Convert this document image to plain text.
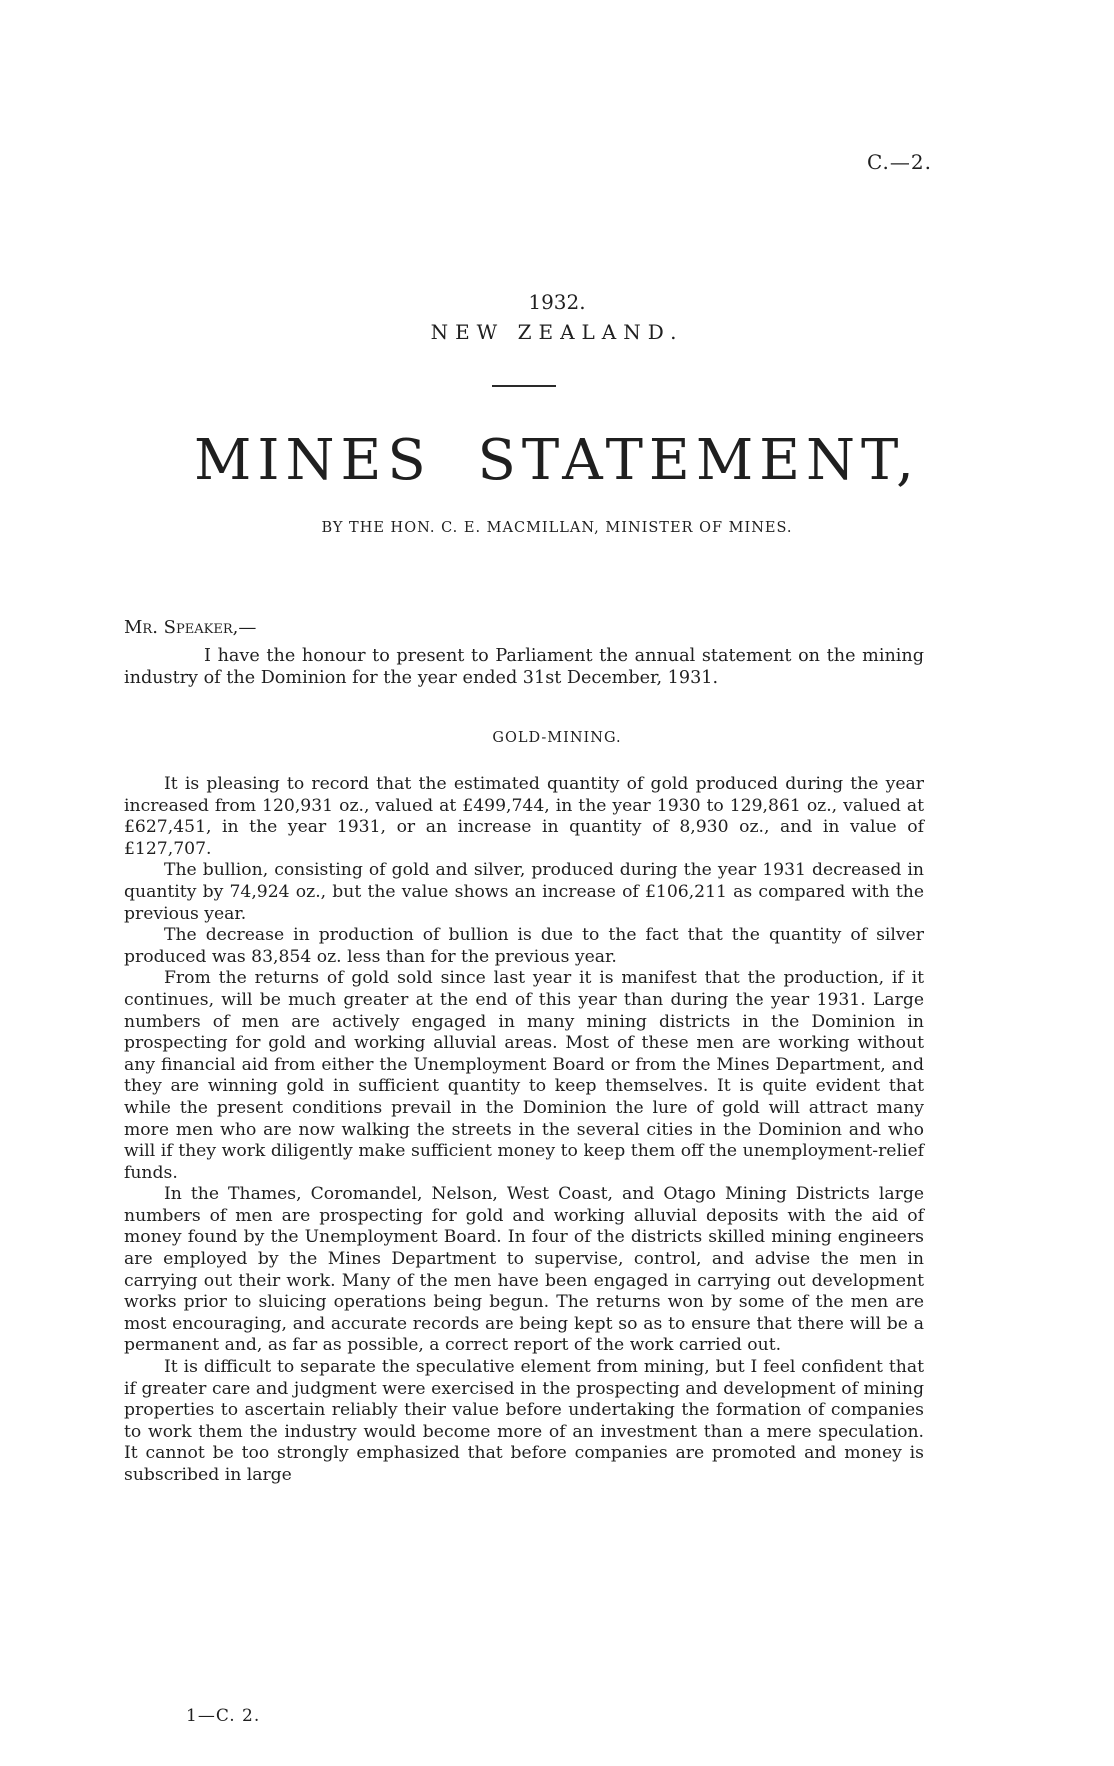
C.—2.
1932.
NEW ZEALAND.
MINES STATEMENT,
BY THE HON. C. E. MACMILLAN, MINISTER OF MINES.
Mr. Speaker,—

I have the honour to present to Parliament the annual statement on the mining industry of the Dominion for the year ended 31st December, 1931.

GOLD-MINING.

It is pleasing to record that the estimated quantity of gold produced during the year increased from 120,931 oz., valued at £499,744, in the year 1930 to 129,861 oz., valued at £627,451, in the year 1931, or an increase in quantity of 8,930 oz., and in value of £127,707.

The bullion, consisting of gold and silver, produced during the year 1931 decreased in quantity by 74,924 oz., but the value shows an increase of £106,211 as compared with the previous year.

The decrease in production of bullion is due to the fact that the quantity of silver produced was 83,854 oz. less than for the previous year.

From the returns of gold sold since last year it is manifest that the production, if it continues, will be much greater at the end of this year than during the year 1931. Large numbers of men are actively engaged in many mining districts in the Dominion in prospecting for gold and working alluvial areas. Most of these men are working without any financial aid from either the Unemployment Board or from the Mines Department, and they are winning gold in sufficient quantity to keep themselves. It is quite evident that while the present conditions prevail in the Dominion the lure of gold will attract many more men who are now walking the streets in the several cities in the Dominion and who will if they work diligently make sufficient money to keep them off the unemployment-relief funds.

In the Thames, Coromandel, Nelson, West Coast, and Otago Mining Districts large numbers of men are prospecting for gold and working alluvial deposits with the aid of money found by the Unemployment Board. In four of the districts skilled mining engineers are employed by the Mines Department to supervise, control, and advise the men in carrying out their work. Many of the men have been engaged in carrying out development works prior to sluicing operations being begun. The returns won by some of the men are most encouraging, and accurate records are being kept so as to ensure that there will be a permanent and, as far as possible, a correct report of the work carried out.

It is difficult to separate the speculative element from mining, but I feel confident that if greater care and judgment were exercised in the prospecting and development of mining properties to ascertain reliably their value before undertaking the formation of companies to work them the industry would become more of an investment than a mere speculation. It cannot be too strongly emphasized that before companies are promoted and money is subscribed in large

1—C. 2.
